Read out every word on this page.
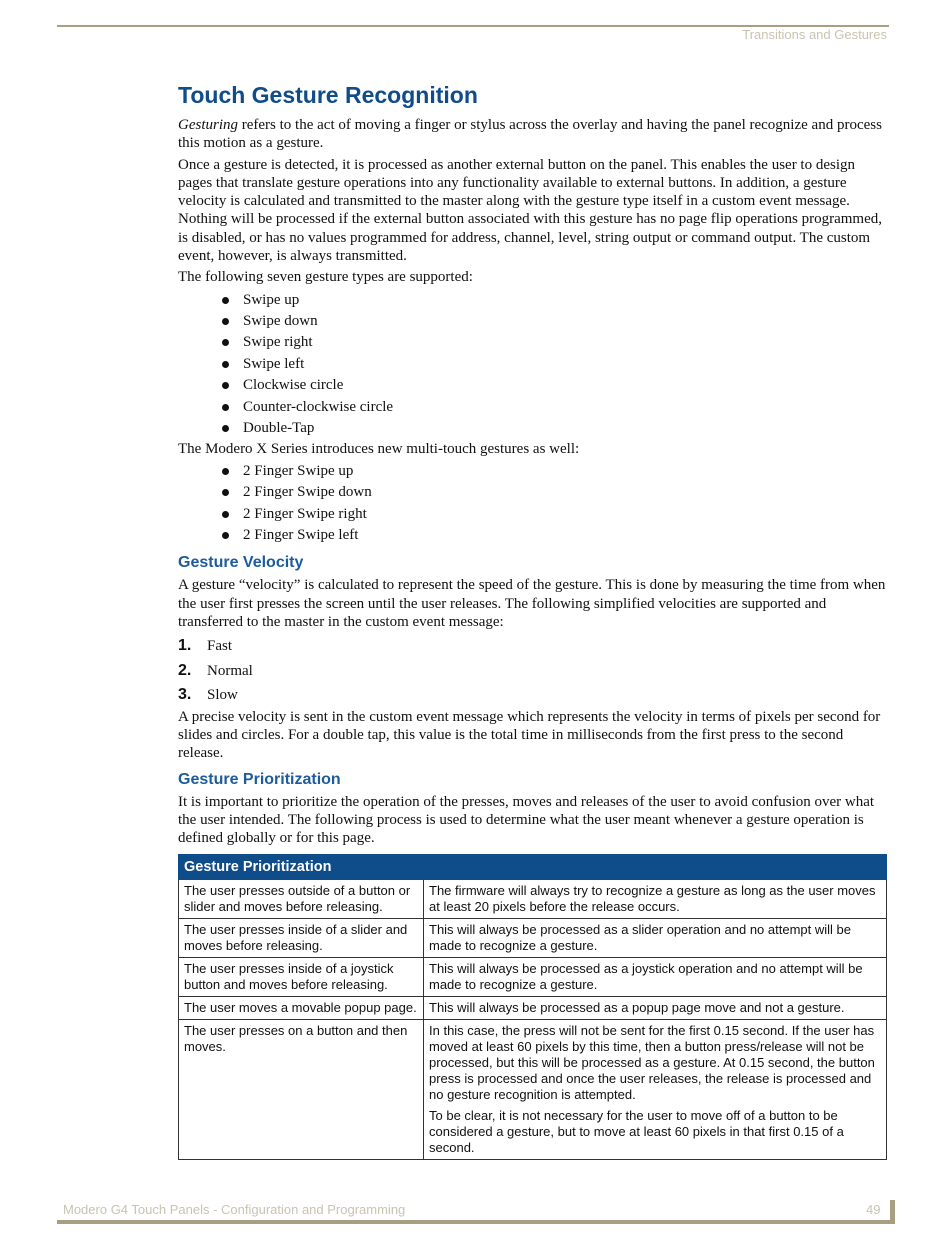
Transitions and Gestures
Touch Gesture Recognition

Gesturing refers to the act of moving a finger or stylus across the overlay and having the panel recognize and process this motion as a gesture.

Once a gesture is detected, it is processed as another external button on the panel. This enables the user to design pages that translate gesture operations into any functionality available to external buttons. In addition, a gesture velocity is calculated and transmitted to the master along with the gesture type itself in a custom event message. Nothing will be processed if the external button associated with this gesture has no page flip operations programmed, is disabled, or has no values programmed for address, channel, level, string output or command output. The custom event, however, is always transmitted.

The following seven gesture types are supported:

Swipe up
Swipe down
Swipe right
Swipe left
Clockwise circle
Counter-clockwise circle
Double-Tap

The Modero X Series introduces new multi-touch gestures as well:

2 Finger Swipe up
2 Finger Swipe down
2 Finger Swipe right
2 Finger Swipe left
Gesture Velocity

A gesture “velocity” is calculated to represent the speed of the gesture. This is done by measuring the time from when the user first presses the screen until the user releases. The following simplified velocities are supported and transferred to the master in the custom event message:

1. Fast
2. Normal
3. Slow

A precise velocity is sent in the custom event message which represents the velocity in terms of pixels per second for slides and circles. For a double tap, this value is the total time in milliseconds from the first press to the second release.

Gesture Prioritization

It is important to prioritize the operation of the presses, moves and releases of the user to avoid confusion over what the user intended. The following process is used to determine what the user meant whenever a gesture operation is defined globally or for this page.

Gesture Prioritization	
The user presses outside of a button or slider and moves before releasing.	The firmware will always try to recognize a gesture as long as the user moves at least 20 pixels before the release occurs.

The user presses inside of a slider and moves before releasing.	This will always be processed as a slider operation and no attempt will be made to recognize a gesture.

The user presses inside of a joystick button and moves before releasing.	This will always be processed as a joystick operation and no attempt will be made to recognize a gesture.

The user moves a movable popup page.	This will always be processed as a popup page move and not a gesture.

The user presses on a button and then moves.	In this case, the press will not be sent for the first 0.15 second. If the user has moved at least 60 pixels by this time, then a button press/release will not be processed, but this will be processed as a gesture. At 0.15 second, the button press is processed and once the user releases, the release is processed and no gesture recognition is attempted.
To be clear, it is not necessary for the user to move off of a button to be considered a gesture, but to move at least 60 pixels in that first 0.15 of a second.
Modero G4 Touch Panels - Configuration and Programming	49
